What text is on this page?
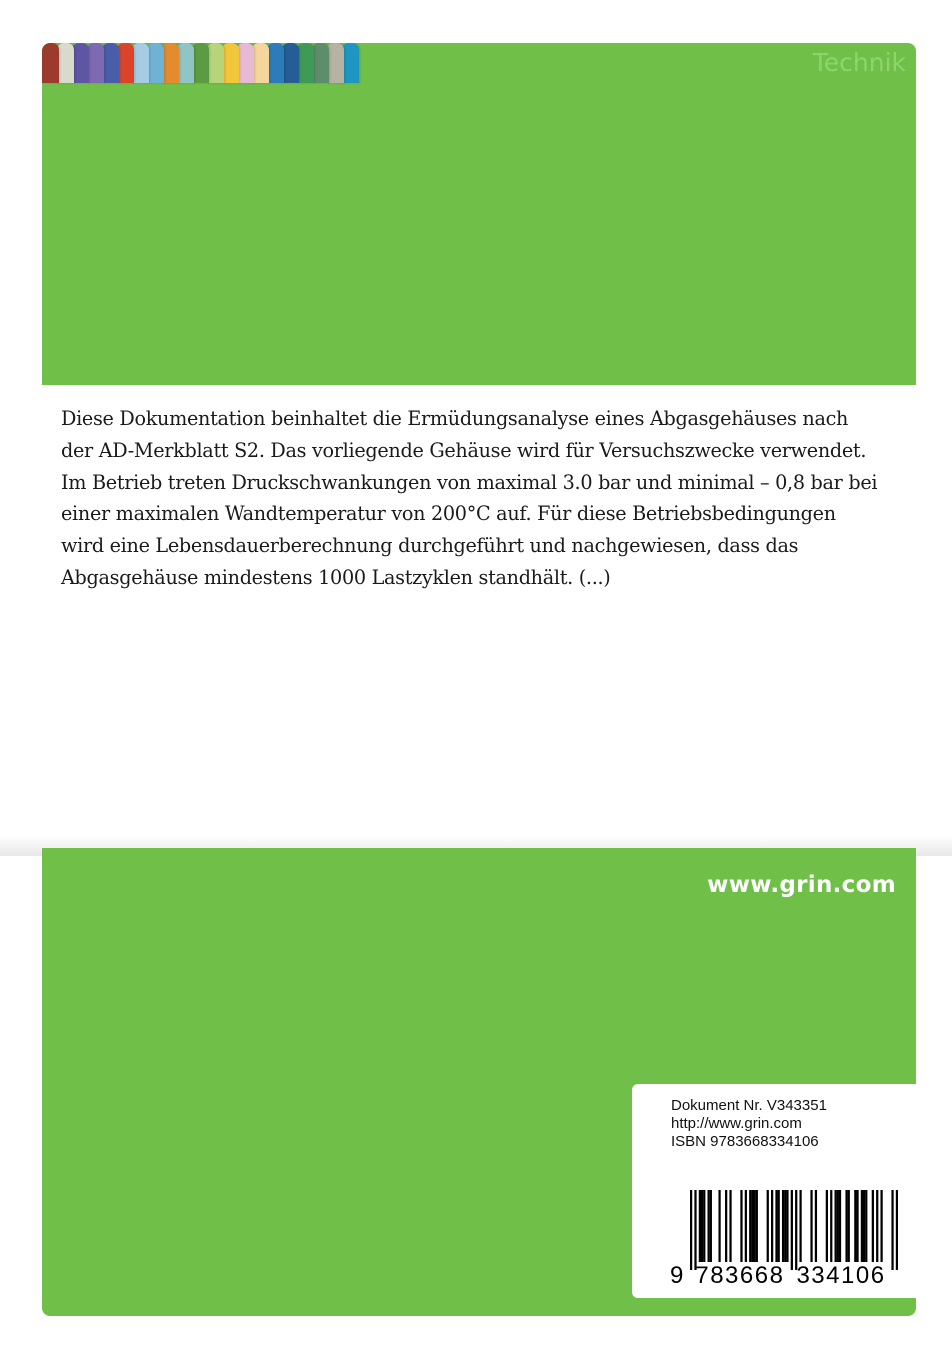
Technik

Diese Dokumentation beinhaltet die Ermüdungsanalyse eines Abgasgehäuses nach der AD-Merkblatt S2. Das vorliegende Gehäuse wird für Versuchszwecke verwendet. Im Betrieb treten Druckschwankungen von maximal 3.0 bar und minimal – 0,8 bar bei einer maximalen Wandtemperatur von 200°C auf. Für diese Betriebsbedingungen wird eine Lebensdauerberechnung durchgeführt und nachgewiesen, dass das Abgasgehäuse mindestens 1000 Lastzyklen standhält. (...)

www.grin.com
Dokument Nr. V343351
http://www.grin.com
ISBN 9783668334106
9 783668 334106
